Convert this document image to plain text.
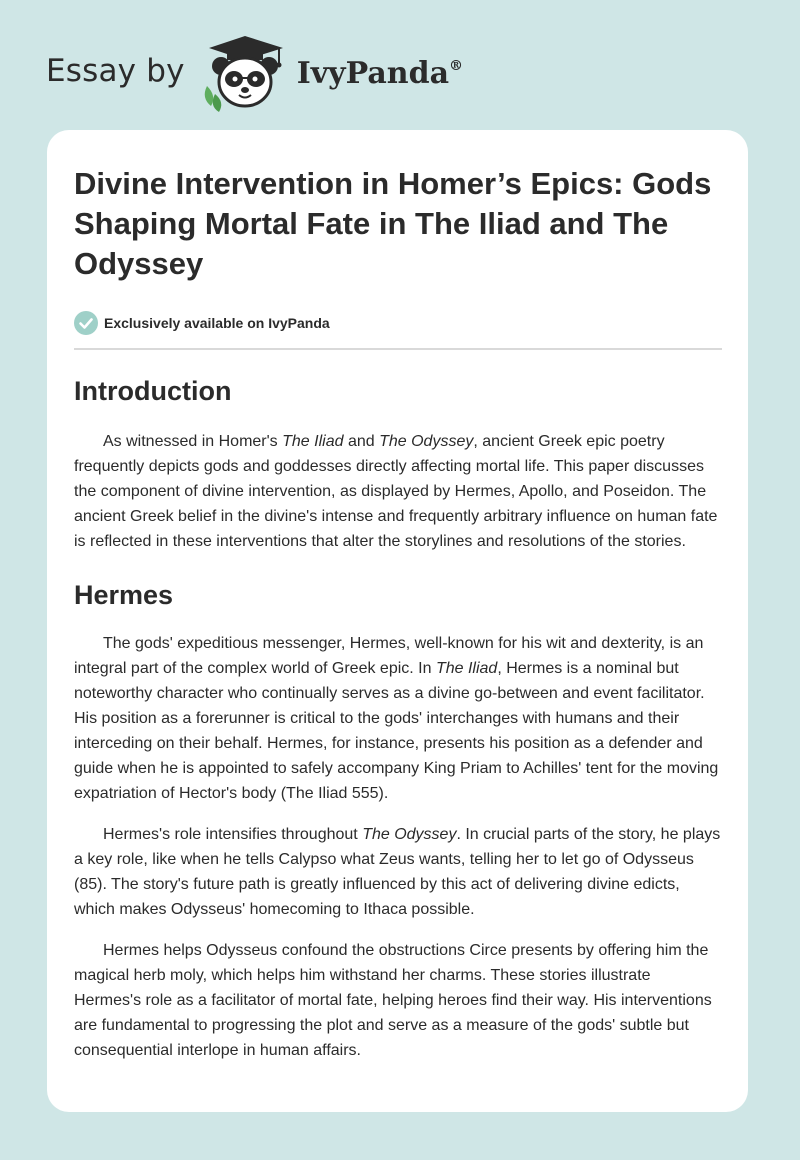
Essay by	IvyPanda®
Divine Intervention in Homer’s Epics: Gods Shaping Mortal Fate in The Iliad and The Odyssey
Exclusively available on IvyPanda
Introduction

As witnessed in Homer's The Iliad and The Odyssey, ancient Greek epic poetry frequently depicts gods and goddesses directly affecting mortal life. This paper discusses the component of divine intervention, as displayed by Hermes, Apollo, and Poseidon. The ancient Greek belief in the divine's intense and frequently arbitrary influence on human fate is reflected in these interventions that alter the storylines and resolutions of the stories.

Hermes

The gods' expeditious messenger, Hermes, well-known for his wit and dexterity, is an integral part of the complex world of Greek epic. In The Iliad, Hermes is a nominal but noteworthy character who continually serves as a divine go-between and event facilitator. His position as a forerunner is critical to the gods' interchanges with humans and their interceding on their behalf. Hermes, for instance, presents his position as a defender and guide when he is appointed to safely accompany King Priam to Achilles' tent for the moving expatriation of Hector's body (The Iliad 555).

Hermes's role intensifies throughout The Odyssey. In crucial parts of the story, he plays a key role, like when he tells Calypso what Zeus wants, telling her to let go of Odysseus (85). The story's future path is greatly influenced by this act of delivering divine edicts, which makes Odysseus' homecoming to Ithaca possible.

Hermes helps Odysseus confound the obstructions Circe presents by offering him the magical herb moly, which helps him withstand her charms. These stories illustrate Hermes's role as a facilitator of mortal fate, helping heroes find their way. His interventions are fundamental to progressing the plot and serve as a measure of the gods' subtle but consequential interlope in human affairs.
